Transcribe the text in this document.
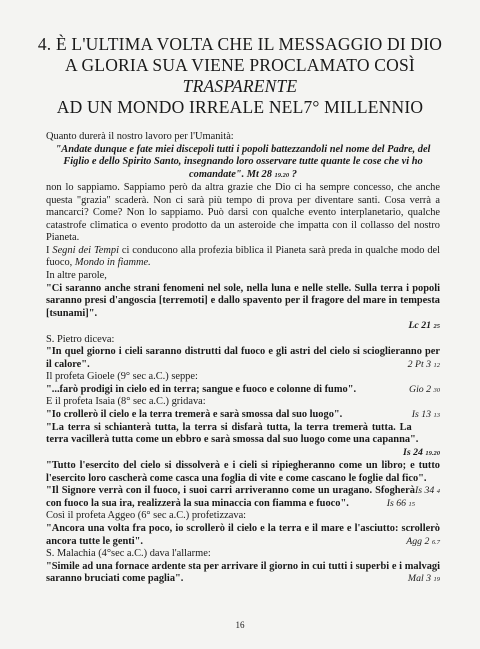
4. È L'ULTIMA VOLTA CHE IL MESSAGGIO DI DIO
A GLORIA SUA VIENE PROCLAMATO COSÌ
TRASPARENTE
AD UN MONDO IRREALE NEL7° MILLENNIO

Quanto durerà il nostro lavoro per l'Umanità:

"Andate dunque e fate miei discepoli tutti i popoli battezzandoli nel nome del Padre, del Figlio e dello Spirito Santo, insegnando loro osservare tutte quante le cose che vi ho comandate". Mt 28 19.20 ?

non lo sappiamo. Sappiamo però da altra grazie che Dio ci ha sempre concesso, che anche questa "grazia" scaderà. Non ci sarà più tempo di prova per diventare santi. Cosa verrà a mancarci? Come? Non lo sappiamo. Può darsi con qualche evento interplanetario, qualche catastrofe climatica o evento prodotto da un asteroide che impatta con il collasso del nostro Pianeta.

I Segni dei Tempi ci conducono alla profezia biblica il Pianeta sarà preda in qualche modo del fuoco, Mondo in fiamme.

In altre parole,

"Ci saranno anche strani fenomeni nel sole, nella luna e nelle stelle. Sulla terra i popoli saranno presi d'angoscia [terremoti] e dallo spavento per il fragore del mare in tempesta [tsunami]".
Lc 21 25

S. Pietro diceva:

"In quel giorno i cieli saranno distrutti dal fuoco e gli astri del cielo si scioglieranno per il calore".	2 Pt 3 12

Il profeta Gioele (9° sec a.C.) seppe:

"...farò prodigi in cielo ed in terra; sangue e fuoco e colonne di fumo".	Gio 2 30

E il profeta Isaia (8° sec a.C.) gridava:

"Io crollerò il cielo e la terra tremerà e sarà smossa dal suo luogo".	Is 13 13

"La terra si schianterà tutta, la terra si disfarà tutta, la terra tremerà tutta. La terra vacillerà tutta come un ebbro e sarà smossa dal suo luogo come una capanna".
Is 24 19.20

"Tutto l'esercito del cielo si dissolverà e i cieli si ripiegheranno come un libro; e tutto l'esercito loro cascherà come casca una foglia di vite e come cascano le foglie dal fico".
Is 34 4

"Il Signore verrà con il fuoco, i suoi carri arriveranno come un uragano. Sfogherà con fuoco la sua ira, realizzerà la sua minaccia con fiamma e fuoco".	Is 66 15

Così il profeta Aggeo (6° sec a.C.) profetizzava:

"Ancora una volta fra poco, io scrollerò il cielo e la terra e il mare e l'asciutto: scrollerò ancora tutte le genti".	Agg 2 6.7

S. Malachia (4°sec a.C.) dava l'allarme:

"Simile ad una fornace ardente sta per arrivare il giorno in cui tutti i superbi e i malvagi saranno bruciati come paglia".	Mal 3 19

16
